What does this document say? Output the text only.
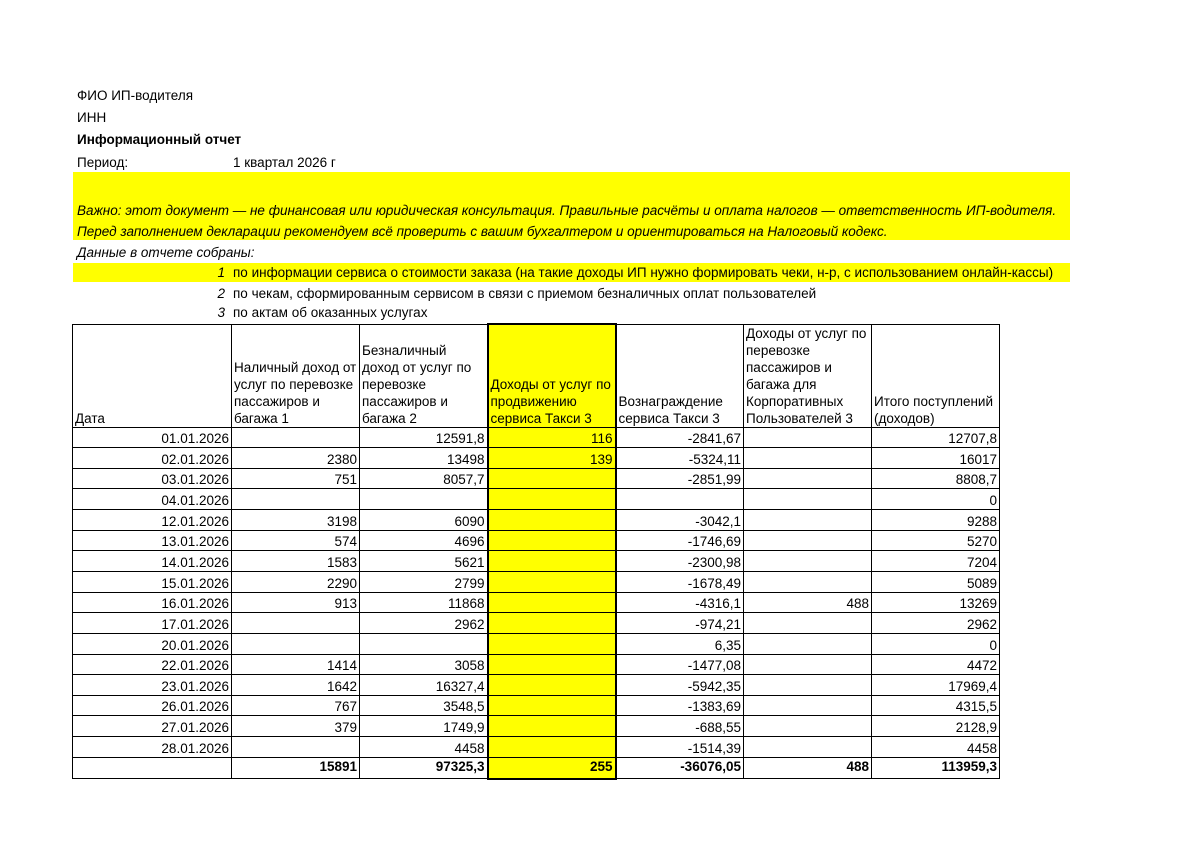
ФИО ИП-водителя
ИНН
Информационный отчет
Период:	1 квартал 2026 г
Важно: этот документ — не финансовая или юридическая консультация. Правильные расчёты и оплата налогов — ответственность ИП-водителя.
Перед заполнением декларации рекомендуем всё проверить с вашим бухгалтером и ориентироваться на Налоговый кодекс.
Данные в отчете собраны:
1 по информации сервиса о стоимости заказа (на такие доходы ИП нужно формировать чеки, н-р, с использованием онлайн-кассы)
2 по чекам, сформированным сервисом в связи с приемом безналичных оплат пользователей
3 по актам об оказанных услугах
Дата	Наличный доход от услуг по перевозке пассажиров и багажа 1	Безналичный доход от услуг по перевозке пассажиров и багажа 2	Доходы от услуг по продвижению сервиса Такси 3	Вознаграждение сервиса Такси 3	Доходы от услуг по перевозке пассажиров и багажа для Корпоративных Пользователей 3	Итого поступлений (доходов)
01.01.2026		12591,8	116	-2841,67		12707,8
02.01.2026	2380	13498	139	-5324,11		16017
03.01.2026	751	8057,7		-2851,99		8808,7
04.01.2026						0
12.01.2026	3198	6090		-3042,1		9288
13.01.2026	574	4696		-1746,69		5270
14.01.2026	1583	5621		-2300,98		7204
15.01.2026	2290	2799		-1678,49		5089
16.01.2026	913	11868		-4316,1	488	13269
17.01.2026		2962		-974,21		2962
20.01.2026				6,35		0
22.01.2026	1414	3058		-1477,08		4472
23.01.2026	1642	16327,4		-5942,35		17969,4
26.01.2026	767	3548,5		-1383,69		4315,5
27.01.2026	379	1749,9		-688,55		2128,9
28.01.2026		4458		-1514,39		4458
	15891	97325,3	255	-36076,05	488	113959,3
